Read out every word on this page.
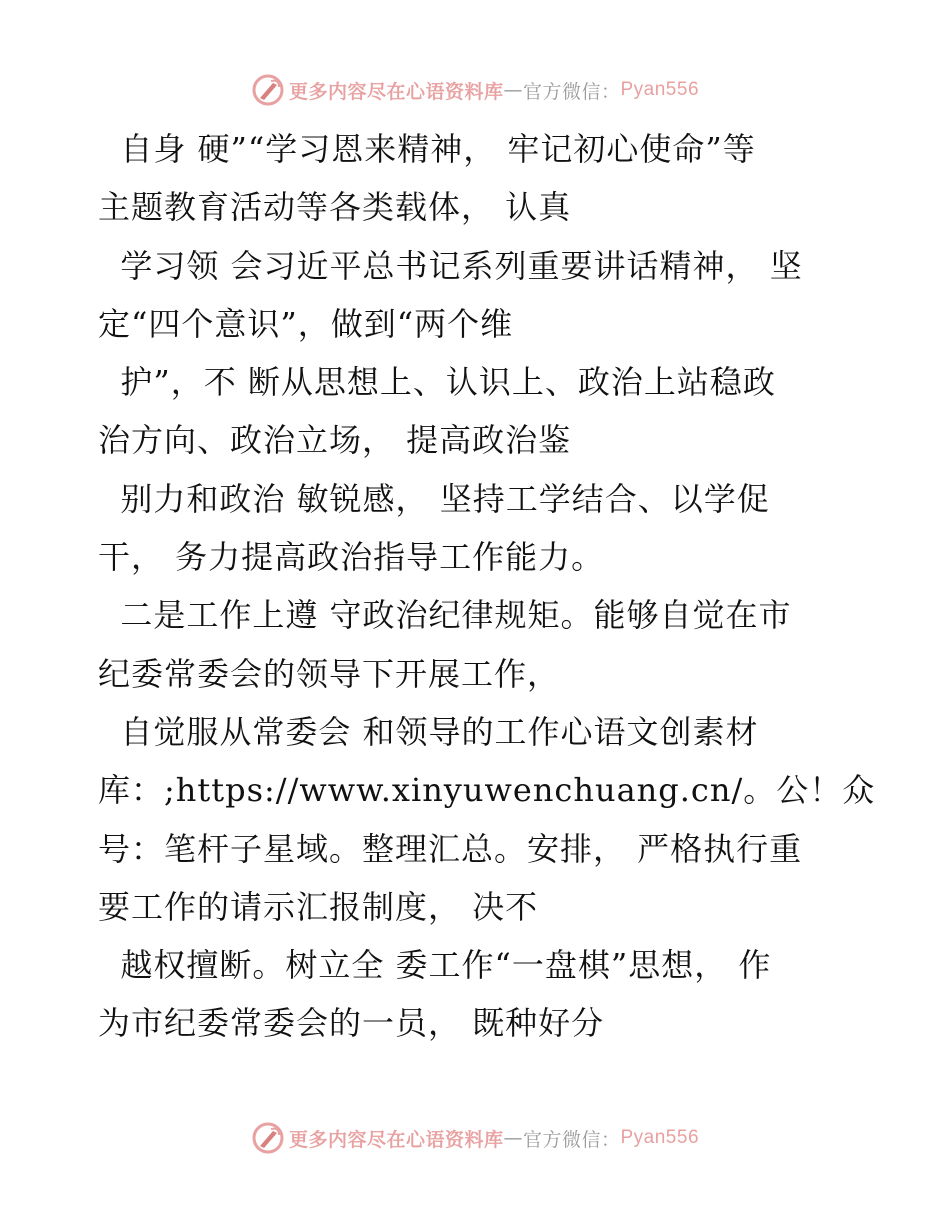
更多内容尽在心语资料库 — 官方微信： Pyan556
自身 硬”“学习恩来精神， 牢记初心使命”等
主题教育活动等各类载体， 认真
学习领 会习近平总书记系列重要讲话精神， 坚
定“四个意识”，做到“两个维
护”，不 断从思想上、认识上、政治上站稳政
治方向、政治立场， 提高政治鉴
别力和政治 敏锐感， 坚持工学结合、以学促
干， 务力提高政治指导工作能力。
二是工作上遵 守政治纪律规矩。能够自觉在市
纪委常委会的领导下开展工作，
自觉服从常委会 和领导的工作心语文创素材
库：;https://www.xinyuwenchuang.cn/。公！众
号：笔杆子星域。整理汇总。安排， 严格执行重
要工作的请示汇报制度， 决不
越权擅断。树立全 委工作“一盘棋”思想， 作
为市纪委常委会的一员， 既种好分
更多内容尽在心语资料库 — 官方微信： Pyan556
